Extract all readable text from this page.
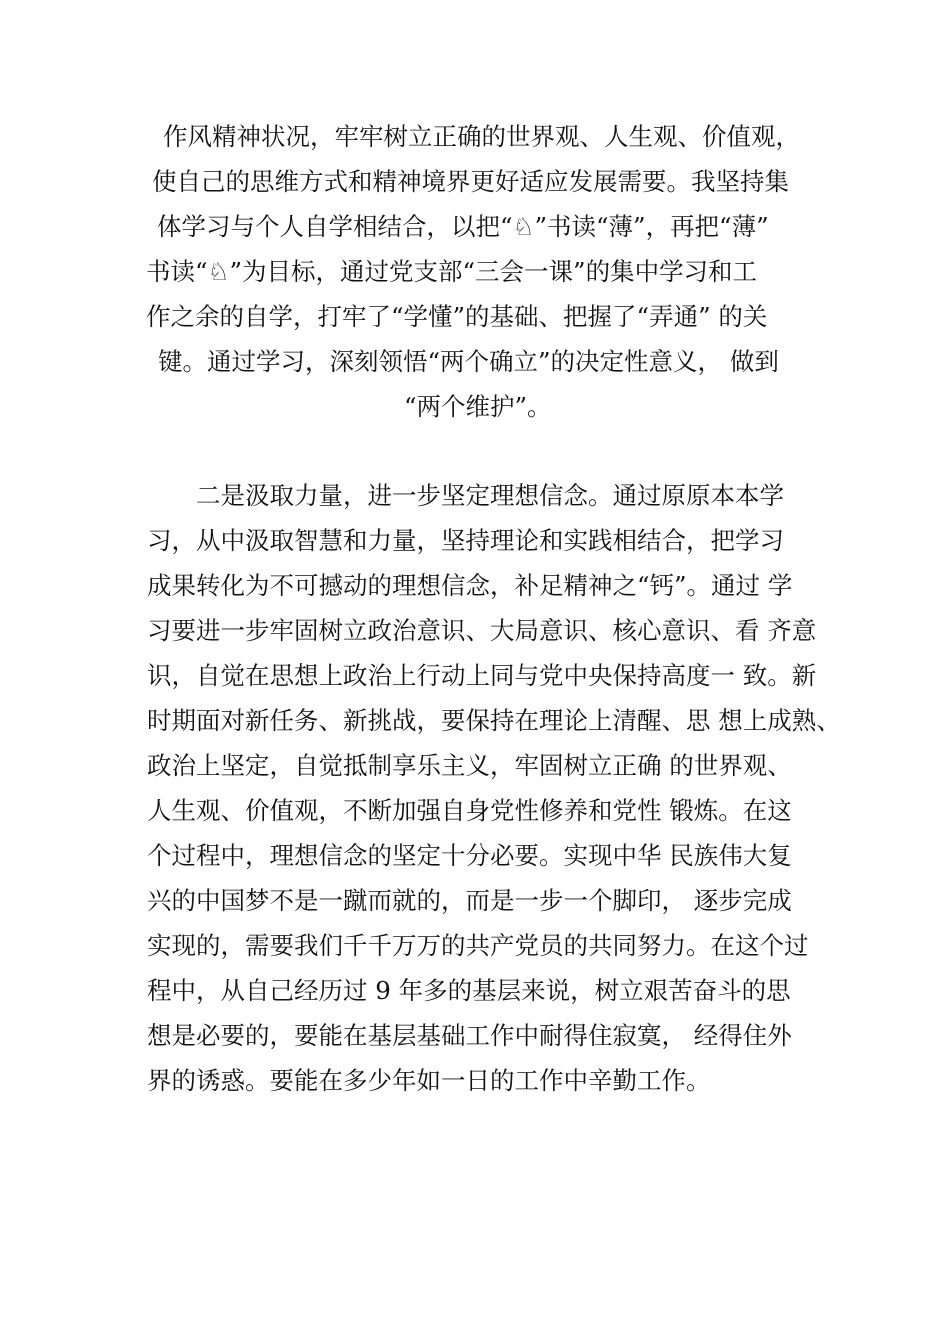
作风精神状况，牢牢树立正确的世界观、人生观、价值观，
使自己的思维方式和精神境界更好适应发展需要。我坚持集
体学习与个人自学相结合，以把“♘”书读“薄”，再把“薄”
书读“♘”为目标，通过党支部“三会一课”的集中学习和工
作之余的自学，打牢了“学懂”的基础、把握了“弄通” 的关
键。通过学习，深刻领悟“两个确立”的决定性意义， 做到
“两个维护”。
二是汲取力量，进一步坚定理想信念。通过原原本本学
习，从中汲取智慧和力量，坚持理论和实践相结合，把学习
成果转化为不可撼动的理想信念，补足精神之“钙”。通过 学
习要进一步牢固树立政治意识、大局意识、核心意识、看 齐意
识，自觉在思想上政治上行动上同与党中央保持高度一 致。新
时期面对新任务、新挑战，要保持在理论上清醒、思 想上成熟、
政治上坚定，自觉抵制享乐主义，牢固树立正确 的世界观、
人生观、价值观，不断加强自身党性修养和党性 锻炼。在这
个过程中，理想信念的坚定十分必要。实现中华 民族伟大复
兴的中国梦不是一蹴而就的，而是一步一个脚印， 逐步完成
实现的，需要我们千千万万的共产党员的共同努力。在这个过
程中，从自己经历过 9 年多的基层来说，树立艰苦奋斗的思
想是必要的，要能在基层基础工作中耐得住寂寞， 经得住外
界的诱惑。要能在多少年如一日的工作中辛勤工作。
